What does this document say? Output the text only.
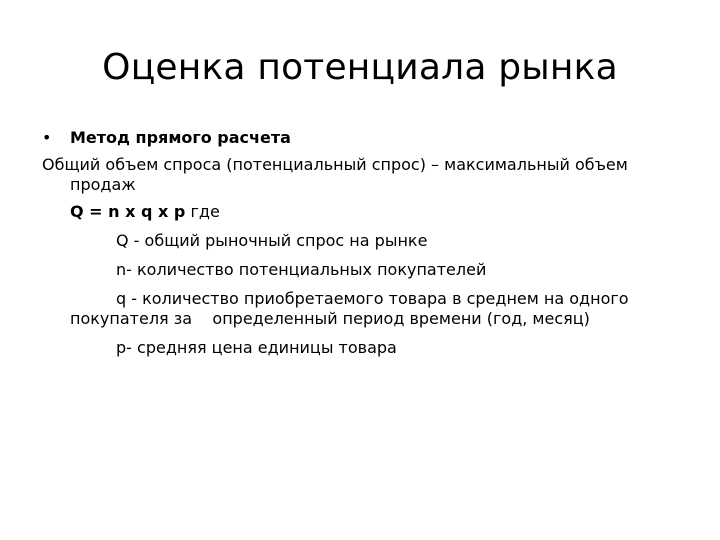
Оценка потенциала рынка
• Метод прямого расчета
Общий объем спроса (потенциальный спрос) – максимальный объем продаж
Q = n x q x p где
Q - общий рыночный спрос на рынке
n- количество потенциальных покупателей
q - количество приобретаемого товара в среднем на одного
покупателя за    определенный период времени (год, месяц)
p- средняя цена единицы товара
